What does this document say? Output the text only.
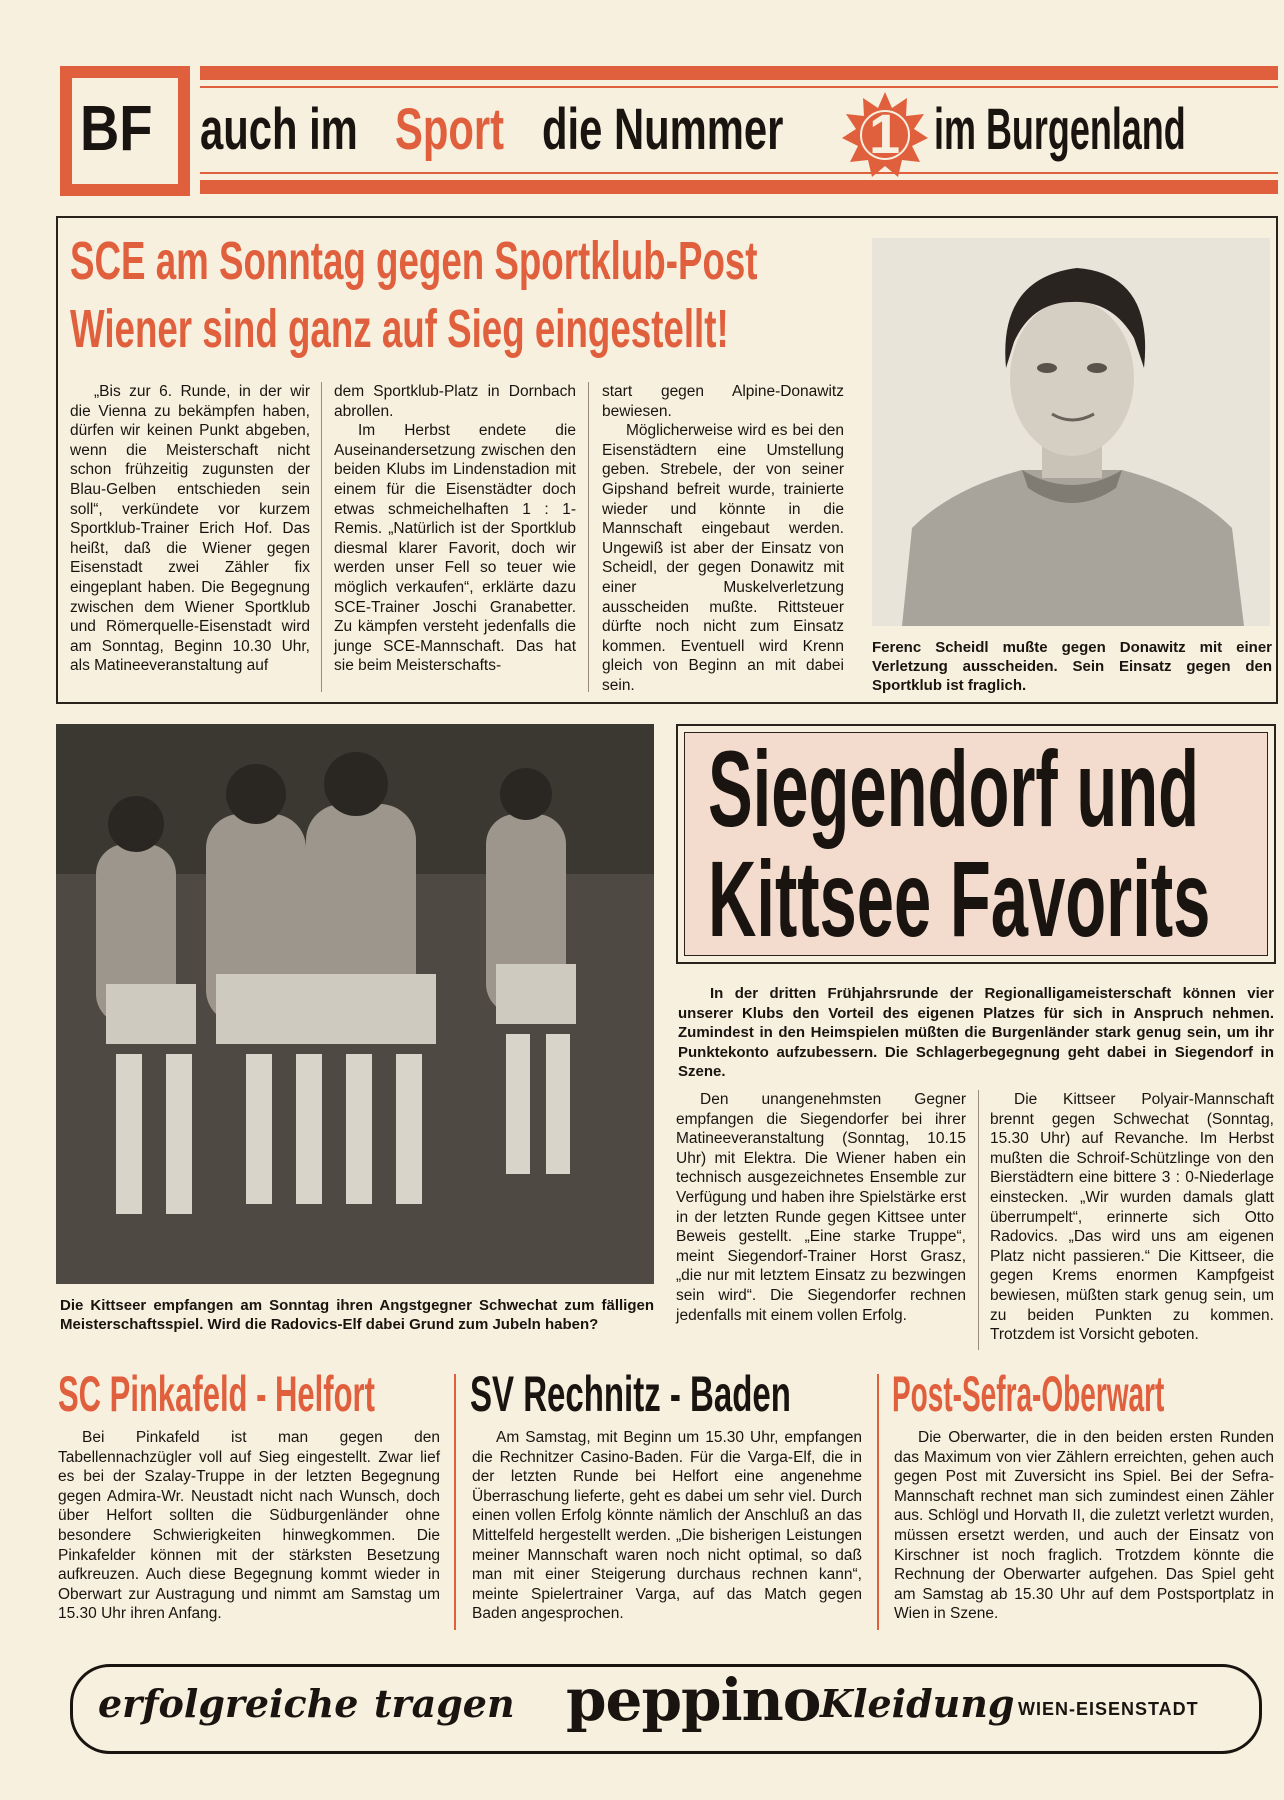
BF auch im Sport die Nummer 1 im Burgenland
SCE am Sonntag gegen Sportklub-Post
Wiener sind ganz auf Sieg eingestellt!

„Bis zur 6. Runde, in der wir die Vienna zu bekämpfen haben, dürfen wir keinen Punkt abgeben, wenn die Meisterschaft nicht schon frühzeitig zugunsten der Blau-Gelben entschieden sein soll“, verkündete vor kurzem Sportklub-Trainer Erich Hof. Das heißt, daß die Wiener gegen Eisenstadt zwei Zähler fix eingeplant haben. Die Begegnung zwischen dem Wiener Sportklub und Römerquelle-Eisenstadt wird am Sonntag, Beginn 10.30 Uhr, als Matineeveranstaltung auf

dem Sportklub-Platz in Dornbach abrollen.

Im Herbst endete die Auseinandersetzung zwischen den beiden Klubs im Lindenstadion mit einem für die Eisenstädter doch etwas schmeichelhaften 1 : 1-Remis. „Natürlich ist der Sportklub diesmal klarer Favorit, doch wir werden unser Fell so teuer wie möglich verkaufen“, erklärte dazu SCE-Trainer Joschi Granabetter. Zu kämpfen versteht jedenfalls die junge SCE-Mannschaft. Das hat sie beim Meisterschafts-

start gegen Alpine-Donawitz bewiesen.

Möglicherweise wird es bei den Eisenstädtern eine Umstellung geben. Strebele, der von seiner Gipshand befreit wurde, trainierte wieder und könnte in die Mannschaft eingebaut werden. Ungewiß ist aber der Einsatz von Scheidl, der gegen Donawitz mit einer Muskelverletzung ausscheiden mußte. Rittsteuer dürfte noch nicht zum Einsatz kommen. Eventuell wird Krenn gleich von Beginn an mit dabei sein.

Ferenc Scheidl mußte gegen Donawitz mit einer Verletzung ausscheiden. Sein Einsatz gegen den Sportklub ist fraglich.
Die Kittseer empfangen am Sonntag ihren Angstgegner Schwechat zum fälligen Meisterschaftsspiel. Wird die Radovics-Elf dabei Grund zum Jubeln haben?
Siegendorf und
Kittsee Favorits
In der dritten Frühjahrsrunde der Regionalligameisterschaft können vier unserer Klubs den Vorteil des eigenen Platzes für sich in Anspruch nehmen. Zumindest in den Heimspielen müßten die Burgenländer stark genug sein, um ihr Punktekonto aufzubessern. Die Schlagerbegegnung geht dabei in Siegendorf in Szene.

Den unangenehmsten Gegner empfangen die Siegendorfer bei ihrer Matineeveranstaltung (Sonntag, 10.15 Uhr) mit Elektra. Die Wiener haben ein technisch ausgezeichnetes Ensemble zur Verfügung und haben ihre Spielstärke erst in der letzten Runde gegen Kittsee unter Beweis gestellt. „Eine starke Truppe“, meint Siegendorf-Trainer Horst Grasz, „die nur mit letztem Einsatz zu bezwingen sein wird“. Die Siegendorfer rechnen jedenfalls mit einem vollen Erfolg.

Die Kittseer Polyair-Mannschaft brennt gegen Schwechat (Sonntag, 15.30 Uhr) auf Revanche. Im Herbst mußten die Schroif-Schützlinge von den Bierstädtern eine bittere 3 : 0-Niederlage einstecken. „Wir wurden damals glatt überrumpelt“, erinnerte sich Otto Radovics. „Das wird uns am eigenen Platz nicht passieren.“ Die Kittseer, die gegen Krems enormen Kampfgeist bewiesen, müßten stark genug sein, um zu beiden Punkten zu kommen. Trotzdem ist Vorsicht geboten.

SC Pinkafeld - Helfort

Bei Pinkafeld ist man gegen den Tabellennachzügler voll auf Sieg eingestellt. Zwar lief es bei der Szalay-Truppe in der letzten Begegnung gegen Admira-Wr. Neustadt nicht nach Wunsch, doch über Helfort sollten die Südburgenländer ohne besondere Schwierigkeiten hinwegkommen. Die Pinkafelder können mit der stärksten Besetzung aufkreuzen. Auch diese Begegnung kommt wieder in Oberwart zur Austragung und nimmt am Samstag um 15.30 Uhr ihren Anfang.

SV Rechnitz - Baden

Am Samstag, mit Beginn um 15.30 Uhr, empfangen die Rechnitzer Casino-Baden. Für die Varga-Elf, die in der letzten Runde bei Helfort eine angenehme Überraschung lieferte, geht es dabei um sehr viel. Durch einen vollen Erfolg könnte nämlich der Anschluß an das Mittelfeld hergestellt werden. „Die bisherigen Leistungen meiner Mannschaft waren noch nicht optimal, so daß man mit einer Steigerung durchaus rechnen kann“, meinte Spielertrainer Varga, auf das Match gegen Baden angesprochen.

Post-Sefra-Oberwart

Die Oberwarter, die in den beiden ersten Runden das Maximum von vier Zählern erreichten, gehen auch gegen Post mit Zuversicht ins Spiel. Bei der Sefra-Mannschaft rechnet man sich zumindest einen Zähler aus. Schlögl und Horvath II, die zuletzt verletzt wurden, müssen ersetzt werden, und auch der Einsatz von Kirschner ist noch fraglich. Trotzdem könnte die Rechnung der Oberwarter aufgehen. Das Spiel geht am Samstag ab 15.30 Uhr auf dem Postsportplatz in Wien in Szene.

erfolgreiche tragen peppino Kleidung WIEN-EISENSTADT
